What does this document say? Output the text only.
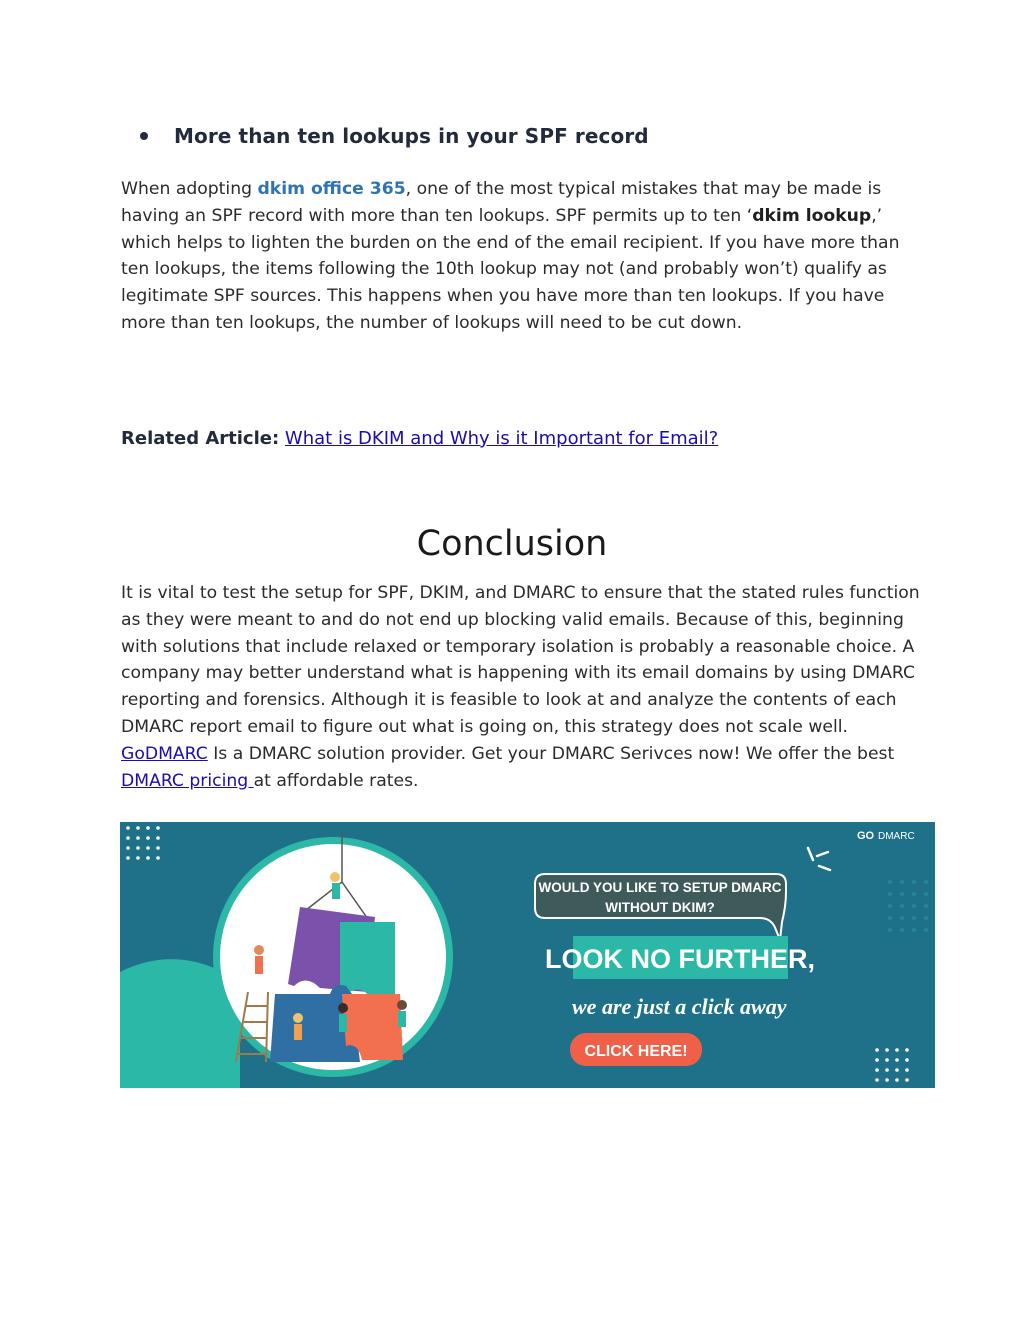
More than ten lookups in your SPF record

When adopting dkim office 365, one of the most typical mistakes that may be made is having an SPF record with more than ten lookups. SPF permits up to ten ‘dkim lookup,’ which helps to lighten the burden on the end of the email recipient. If you have more than ten lookups, the items following the 10th lookup may not (and probably won’t) qualify as legitimate SPF sources. This happens when you have more than ten lookups. If you have more than ten lookups, the number of lookups will need to be cut down.

Related Article: What is DKIM and Why is it Important for Email?
Conclusion

It is vital to test the setup for SPF, DKIM, and DMARC to ensure that the stated rules function as they were meant to and do not end up blocking valid emails. Because of this, beginning with solutions that include relaxed or temporary isolation is probably a reasonable choice. A company may better understand what is happening with its email domains by using DMARC reporting and forensics. Although it is feasible to look at and analyze the contents of each DMARC report email to figure out what is going on, this strategy does not scale well. GoDMARC Is a DMARC solution provider. Get your DMARC Serivces now! We offer the best DMARC pricing at affordable rates.

GO DMARC
WOULD YOU LIKE TO SETUP DMARC
WITHOUT DKIM?
LOOK NO FURTHER,
we are just a click away
CLICK HERE!
